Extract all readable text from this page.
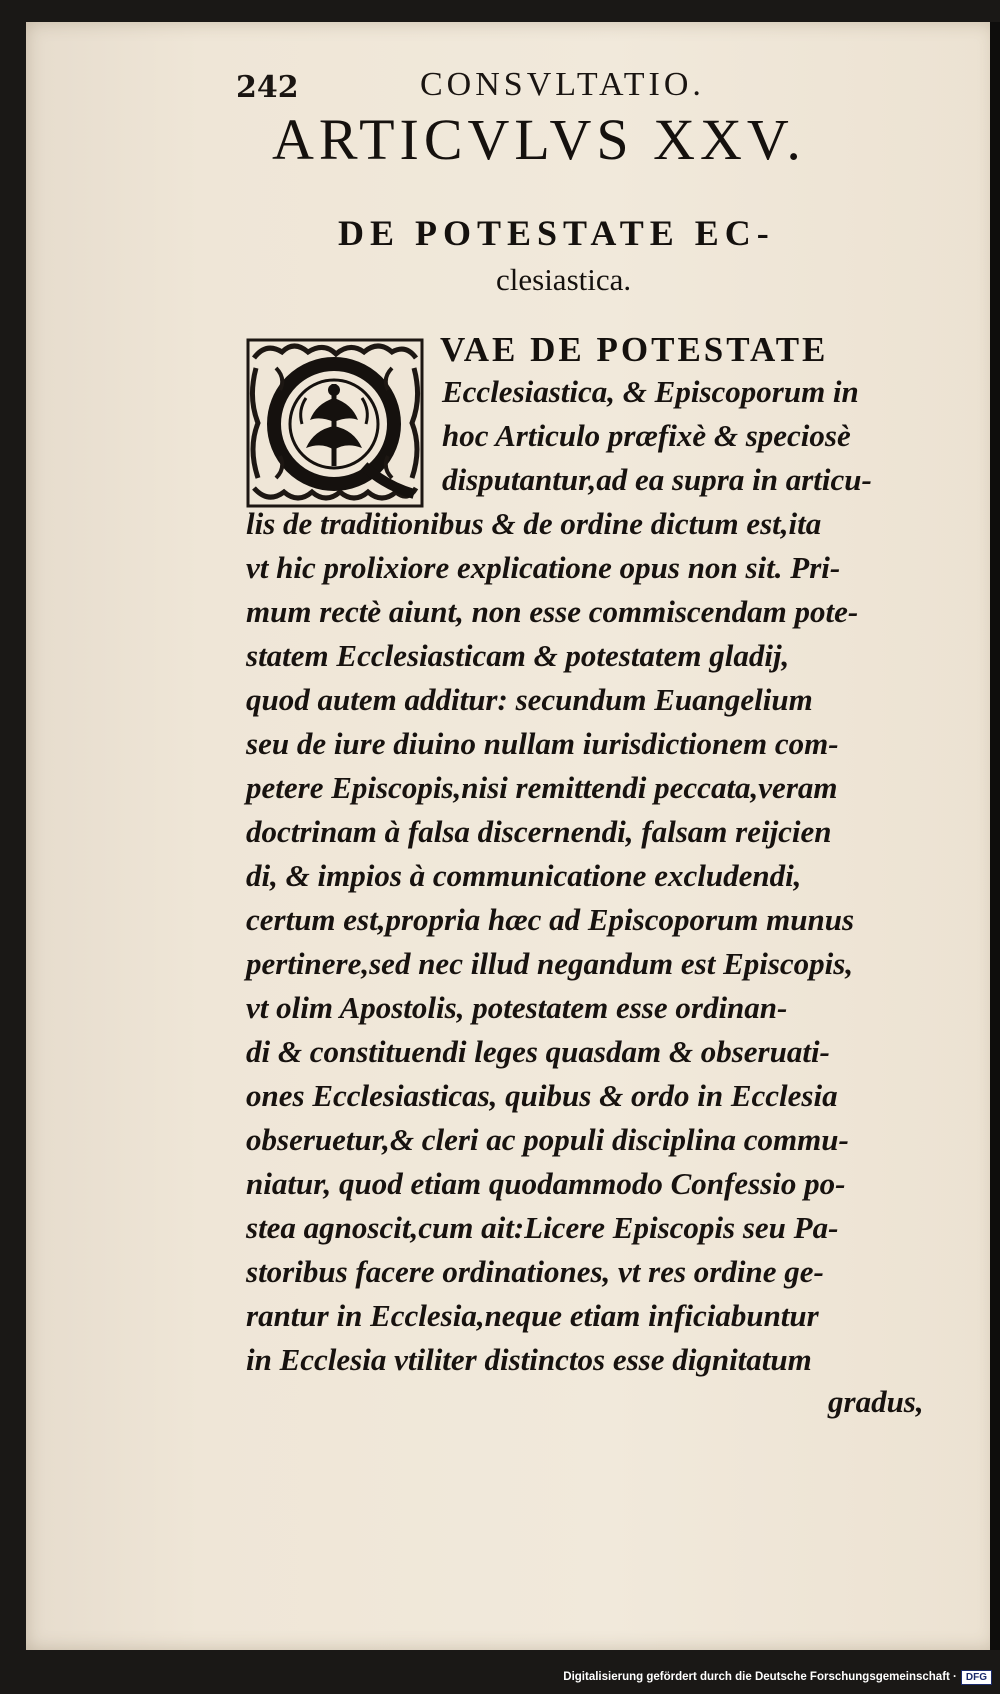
242	CONSVLTATIO.
ARTICVLVS XXV.
DE POTESTATE EC-
clesiastica.
VAE DE POTESTATE
Ecclesiastica, & Episcoporum in
hoc Articulo præfixè & speciosè
disputantur,ad ea supra in articu-
lis de traditionibus & de ordine dictum est,ita
vt hic prolixiore explicatione opus non sit. Pri-
mum rectè aiunt, non esse commiscendam pote-
statem Ecclesiasticam & potestatem gladij,
quod autem additur: secundum Euangelium
seu de iure diuino nullam iurisdictionem com-
petere Episcopis,nisi remittendi peccata,veram
doctrinam à falsa discernendi, falsam reijcien
di, & impios à communicatione excludendi,
certum est,propria hæc ad Episcoporum munus
pertinere,sed nec illud negandum est Episcopis,
vt olim Apostolis, potestatem esse ordinan-
di & constituendi leges quasdam & obseruati-
ones Ecclesiasticas, quibus & ordo in Ecclesia
obseruetur,& cleri ac populi disciplina commu-
niatur, quod etiam quodammodo Confessio po-
stea agnoscit,cum ait:Licere Episcopis seu Pa-
storibus facere ordinationes, vt res ordine ge-
rantur in Ecclesia,neque etiam inficiabuntur
in Ecclesia vtiliter distinctos esse dignitatum
gradus,
Digitalisierung gefördert durch die Deutsche Forschungsgemeinschaft · DFG
